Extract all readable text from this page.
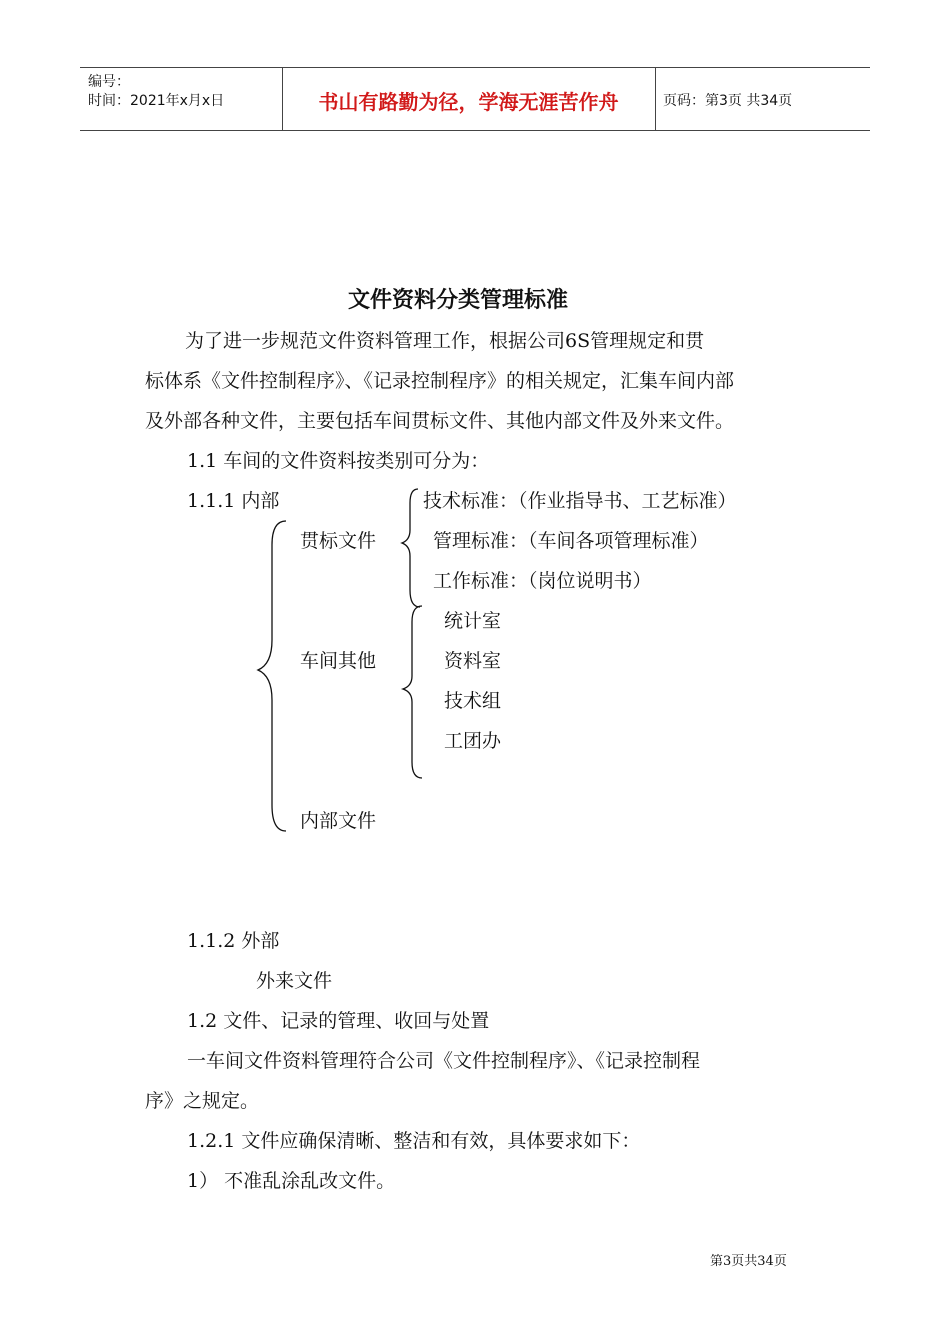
编号：
时间：2021年x月x日	书山有路勤为径，学海无涯苦作舟	页码：第3页 共34页
文件资料分类管理标准
为了进一步规范文件资料管理工作，根据公司6S管理规定和贯
标体系《文件控制程序》、《记录控制程序》的相关规定，汇集车间内部
及外部各种文件，主要包括车间贯标文件、其他内部文件及外来文件。
1.1 车间的文件资料按类别可分为：
1.1.1 内部
贯标文件
技术标准：（作业指导书、工艺标准）
管理标准：（车间各项管理标准）
工作标准：（岗位说明书）
车间其他
统计室
资料室
技术组
工团办
内部文件
1.1.2 外部
外来文件
1.2 文件、记录的管理、收回与处置
一车间文件资料管理符合公司《文件控制程序》、《记录控制程
序》之规定。
1.2.1 文件应确保清晰、整洁和有效，具体要求如下：
1） 不准乱涂乱改文件。
第3页共34页
